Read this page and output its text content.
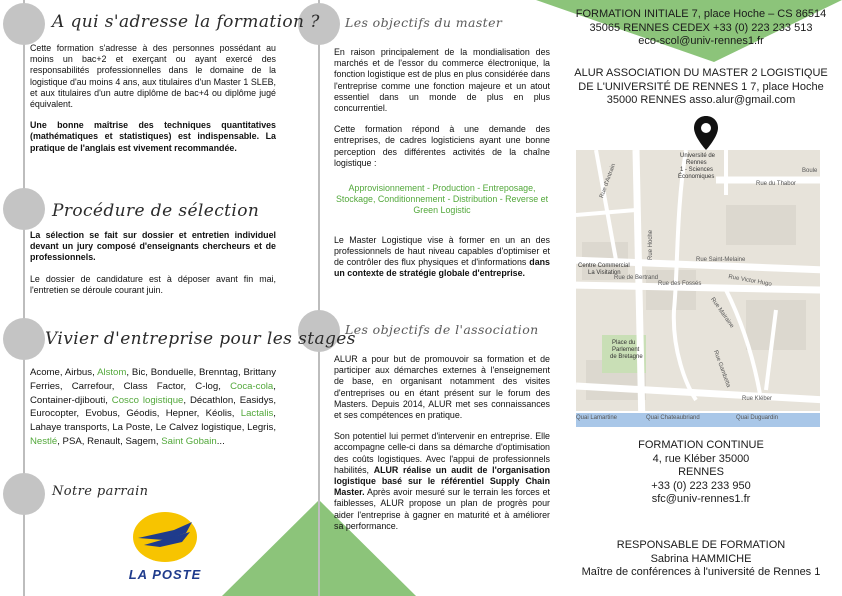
A qui s'adresse la formation ?

Cette formation s'adresse à des personnes possédant au moins un bac+2 et exerçant ou ayant exercé des responsabilités professionnelles dans le domaine de la logistique d'au moins 4 ans, aux titulaires d'un Master 1 SLEB, et aux titulaires d'un autre diplôme de bac+4 ou diplôme jugé équivalent.

Une bonne maîtrise des techniques quantitatives (mathématiques et statistiques) est indispensable. La pratique de l'anglais est vivement recommandée.

Procédure de sélection

La sélection se fait sur dossier et entretien individuel devant un jury composé d'enseignants chercheurs et de professionnels.

Le dossier de candidature est à déposer avant fin mai, l'entretien se déroule courant juin.

Vivier d'entreprise pour les stages
Acome, Airbus, Alstom, Bic, Bonduelle, Brenntag, Brittany Ferries, Carrefour, Class Factor, C-log, Coca-cola, Container-djibouti, Cosco logistique, Décathlon, Easidys, Eurocopter, Evobus, Géodis, Hepner, Kéolis, Lactalis, Lahaye transports, La Poste, Le Calvez logistique, Legris, Nestlé, PSA, Renault, Sagem, Saint Gobain...
Notre parrain
LA POSTE
Les objectifs du master

En raison principalement de la mondialisation des marchés et de l'essor du commerce électronique, la fonction logistique est de plus en plus considérée dans l'entreprise comme une fonction majeure et un atout essentiel dans un monde de plus en plus concurrentiel.

Cette formation répond à une demande des entreprises, de cadres logisticiens ayant une bonne perception des différentes activités de la chaîne logistique :

Approvisionnement - Production - Entreposage, Stockage, Conditionnement - Distribution - Reverse et Green Logistic

Le Master Logistique vise à former en un an des professionnels de haut niveau capables d'optimiser et de contrôler des flux physiques et d'informations dans un contexte de stratégie globale d'entreprise.

Les objectifs de l'association

ALUR a pour but de promouvoir sa formation et de participer aux démarches externes à l'enseignement de base, en organisant notamment des visites d'entreprises ou en étant présent sur le forum des Masters. Depuis 2014, ALUR met ses connaissances et ses compétences en pratique.

Son potentiel lui permet d'intervenir en entreprise. Elle accompagne celle-ci dans sa démarche d'optimisation des coûts logistiques. Avec l'appui de professionnels habilités, ALUR réalise un audit de l'organisation logistique basé sur le référentiel Supply Chain Master. Après avoir mesuré sur le terrain les forces et faiblesses, ALUR propose un plan de progrès pour aider l'entreprise à gagner en maturité et à améliorer sa performance.

FORMATION INITIALE 7, place Hoche – CS 86514
35065 RENNES CEDEX +33 (0) 223 233 513
eco-scol@univ-rennes1.fr
ALUR ASSOCIATION DU MASTER 2 LOGISTIQUE
DE L'UNIVERSITÉ DE RENNES 1 7, place Hoche
35000 RENNES asso.alur@gmail.com
Université de
Rennes
1 - Sciences
Économiques
Boule
Rue du Thabor
Rue d'Antrain
Rue Saint-Melaine
Rue Hoche
Centre Commercial
La Visitation
Rue de Bertrand
Rue des Fossés
Place du
Parlement
de Bretagne
Rue Victor Hugo
Rue Mairaine
Rue Gambetta
Rue Kléber
Quai Chateaubriand
Quai Lamartine	Quai Duguardin
FORMATION CONTINUE
4, rue Kléber 35000
RENNES
+33 (0) 223 233 950
sfc@univ-rennes1.fr
RESPONSABLE DE FORMATION
Sabrina HAMMICHE
Maître de conférences à l'université de Rennes 1
